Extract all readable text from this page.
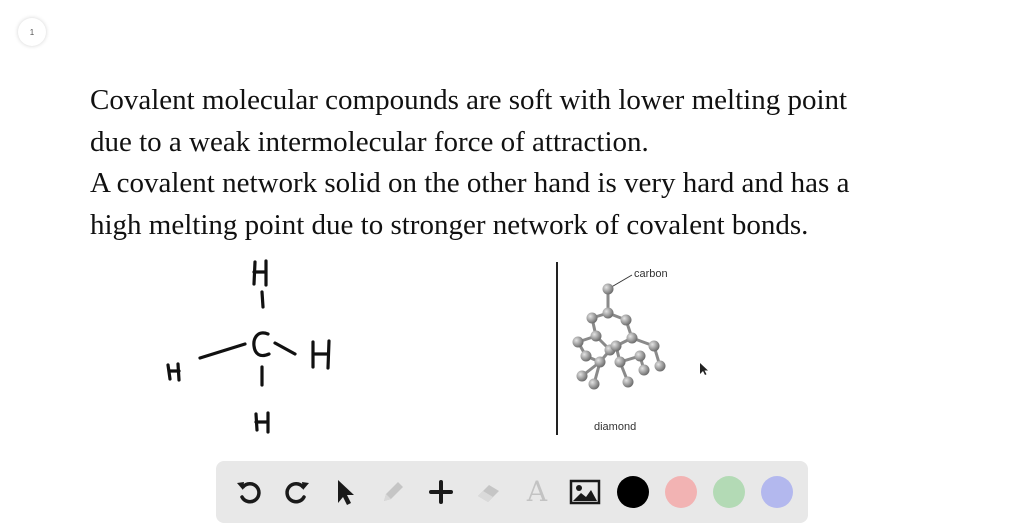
1
Covalent molecular compounds are soft with lower melting point
due to a weak intermolecular force of attraction.
A covalent network solid on the other hand is very hard and has a
high melting point due to stronger network of covalent bonds.
carbon
diamond
A
